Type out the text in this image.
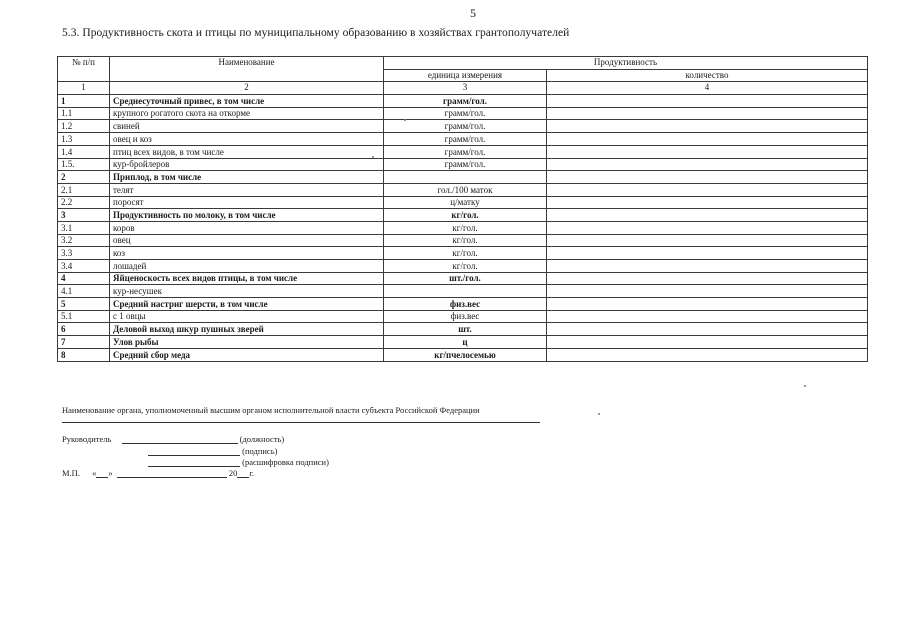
5
5.3. Продуктивность скота и птицы по муниципальному образованию в хозяйствах грантополучателей
№ п/п	Наименование	Продуктивность	
		единица измерения	количество
1	2	3	4
1	Среднесуточный привес, в том числе	грамм/гол.	
1.1	крупного рогатого скота на откорме	грамм/гол.	
1.2	свиней	грамм/гол.	
1.3	овец и коз	грамм/гол.	
1.4	птиц всех видов, в том числе	грамм/гол.	
1.5.	кур-бройлеров	грамм/гол.	
2	Приплод, в том числе		
2.1	телят	гол./100 маток	
2.2	поросят	ц/матку	
3	Продуктивность по молоку, в том числе	кг/гол.	
3.1	коров	кг/гол.	
3.2	овец	кг/гол.	
3.3	коз	кг/гол.	
3.4	лошадей	кг/гол.	
4	Яйценоскость всех видов птицы, в том числе	шт./гол.	
4.1	кур-несушек		
5	Средний настриг шерсти, в том числе	физ.вес	
5.1	с 1 овцы	физ.вес	
6	Деловой выход шкур пушных зверей	шт.	
7	Улов рыбы	ц	
8	Средний сбор меда	кг/пчелосемью	
Наименование органа, уполномоченный высшим органом исполнительной власти субъекта Российской Федерации
Руководитель	(должность)
(подпись)
(расшифровка подписи)
М.П. « »	20 г.
